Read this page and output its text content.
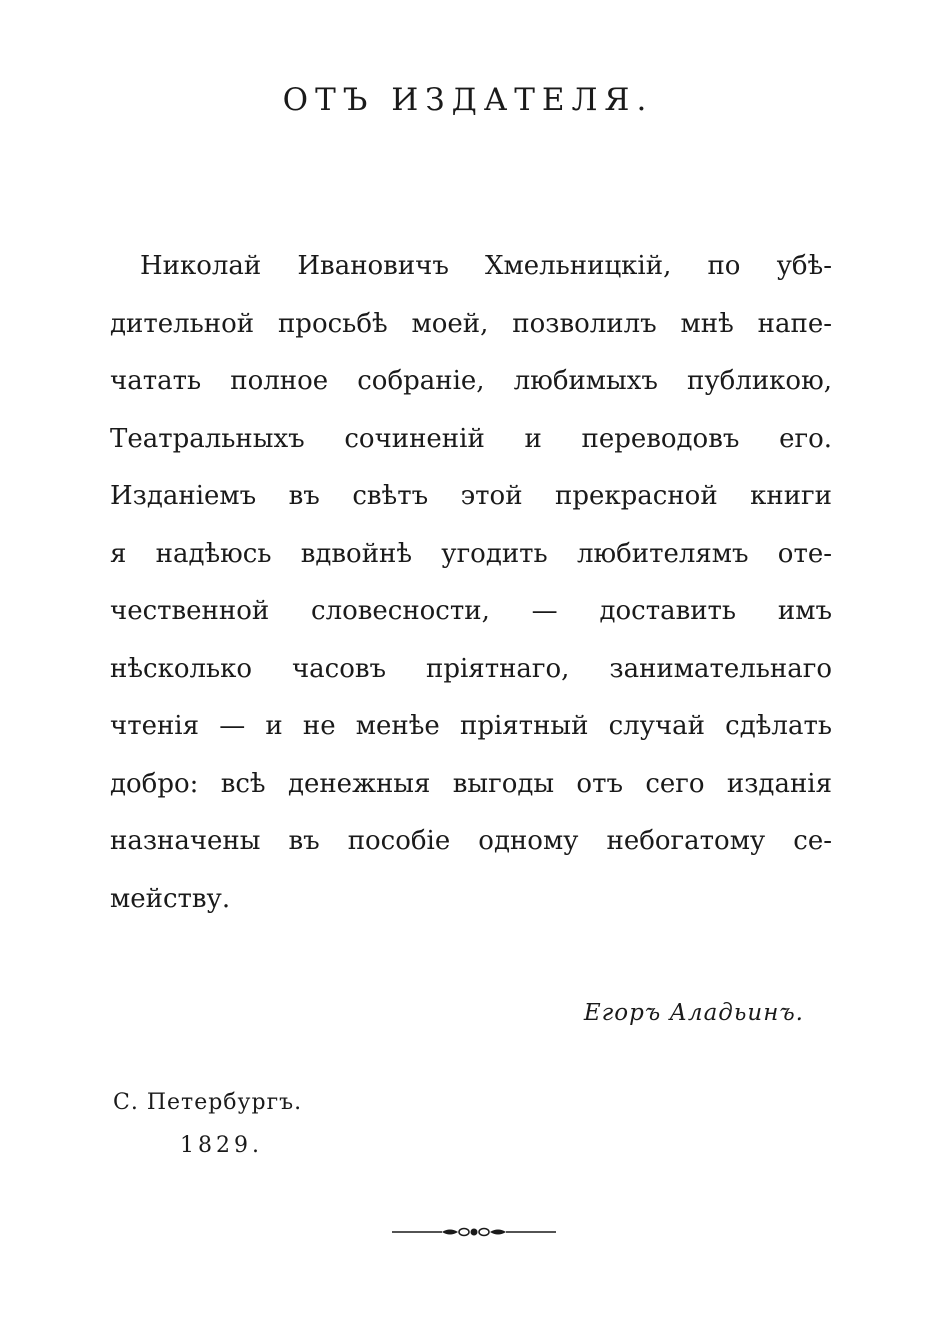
ОТЪ ИЗДАТЕЛЯ.
Николай Ивановичъ Хмельницкій, по убѣ-
дительной просьбѣ моей, позволилъ мнѣ напе-
чатать полное собраніе, любимыхъ публикою,
Театральныхъ сочиненій и переводовъ его.
Изданіемъ въ свѣтъ этой прекрасной книги
я надѣюсь вдвойнѣ угодить любителямъ оте-
чественной словесности, — доставить имъ
нѣсколько часовъ пріятнаго, занимательнаго
чтенія — и не менѣе пріятный случай сдѣлать
добро: всѣ денежныя выгоды отъ сего изданія
назначены въ пособіе одному небогатому се-
мейству.
Егоръ Аладьинъ.
С. Петербургъ.
1829.
